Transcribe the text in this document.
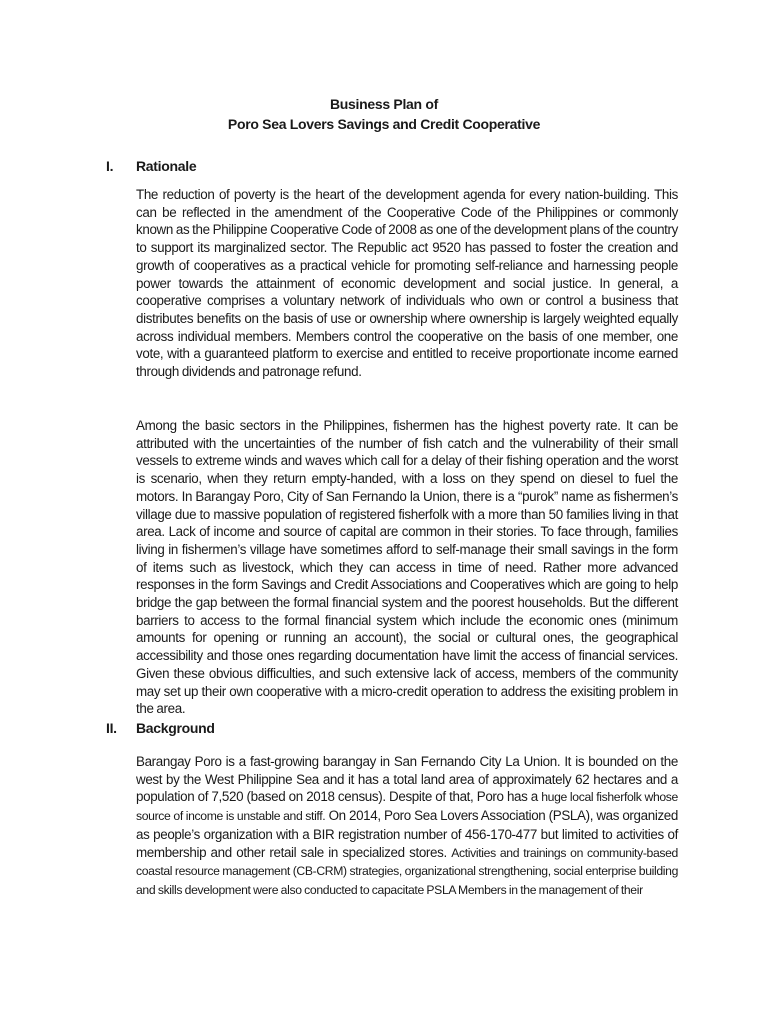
Business Plan of
Poro Sea Lovers Savings and Credit Cooperative
I. Rationale

The reduction of poverty is the heart of the development agenda for every nation-building. This can be reflected in the amendment of the Cooperative Code of the Philippines or commonly known as the Philippine Cooperative Code of 2008 as one of the development plans of the country to support its marginalized sector. The Republic act 9520 has passed to foster the creation and growth of cooperatives as a practical vehicle for promoting self-reliance and harnessing people power towards the attainment of economic development and social justice. In general, a cooperative comprises a voluntary network of individuals who own or control a business that distributes benefits on the basis of use or ownership where ownership is largely weighted equally across individual members. Members control the cooperative on the basis of one member, one vote, with a guaranteed platform to exercise and entitled to receive proportionate income earned through dividends and patronage refund.

Among the basic sectors in the Philippines, fishermen has the highest poverty rate. It can be attributed with the uncertainties of the number of fish catch and the vulnerability of their small vessels to extreme winds and waves which call for a delay of their fishing operation and the worst is scenario, when they return empty-handed, with a loss on they spend on diesel to fuel the motors. In Barangay Poro, City of San Fernando la Union, there is a “purok” name as fishermen’s village due to massive population of registered fisherfolk with a more than 50 families living in that area. Lack of income and source of capital are common in their stories. To face through, families living in fishermen’s village have sometimes afford to self-manage their small savings in the form of items such as livestock, which they can access in time of need. Rather more advanced responses in the form Savings and Credit Associations and Cooperatives which are going to help bridge the gap between the formal financial system and the poorest households. But the different barriers to access to the formal financial system which include the economic ones (minimum amounts for opening or running an account), the social or cultural ones, the geographical accessibility and those ones regarding documentation have limit the access of financial services. Given these obvious difficulties, and such extensive lack of access, members of the community may set up their own cooperative with a micro-credit operation to address the exisiting problem in the area.

II. Background

Barangay Poro is a fast-growing barangay in San Fernando City La Union. It is bounded on the west by the West Philippine Sea and it has a total land area of approximately 62 hectares and a population of 7,520 (based on 2018 census). Despite of that, Poro has a huge local fisherfolk whose source of income is unstable and stiff. On 2014, Poro Sea Lovers Association (PSLA), was organized as people’s organization with a BIR registration number of 456-170-477 but limited to activities of membership and other retail sale in specialized stores. Activities and trainings on community-based coastal resource management (CB-CRM) strategies, organizational strengthening, social enterprise building and skills development were also conducted to capacitate PSLA Members in the management of their
